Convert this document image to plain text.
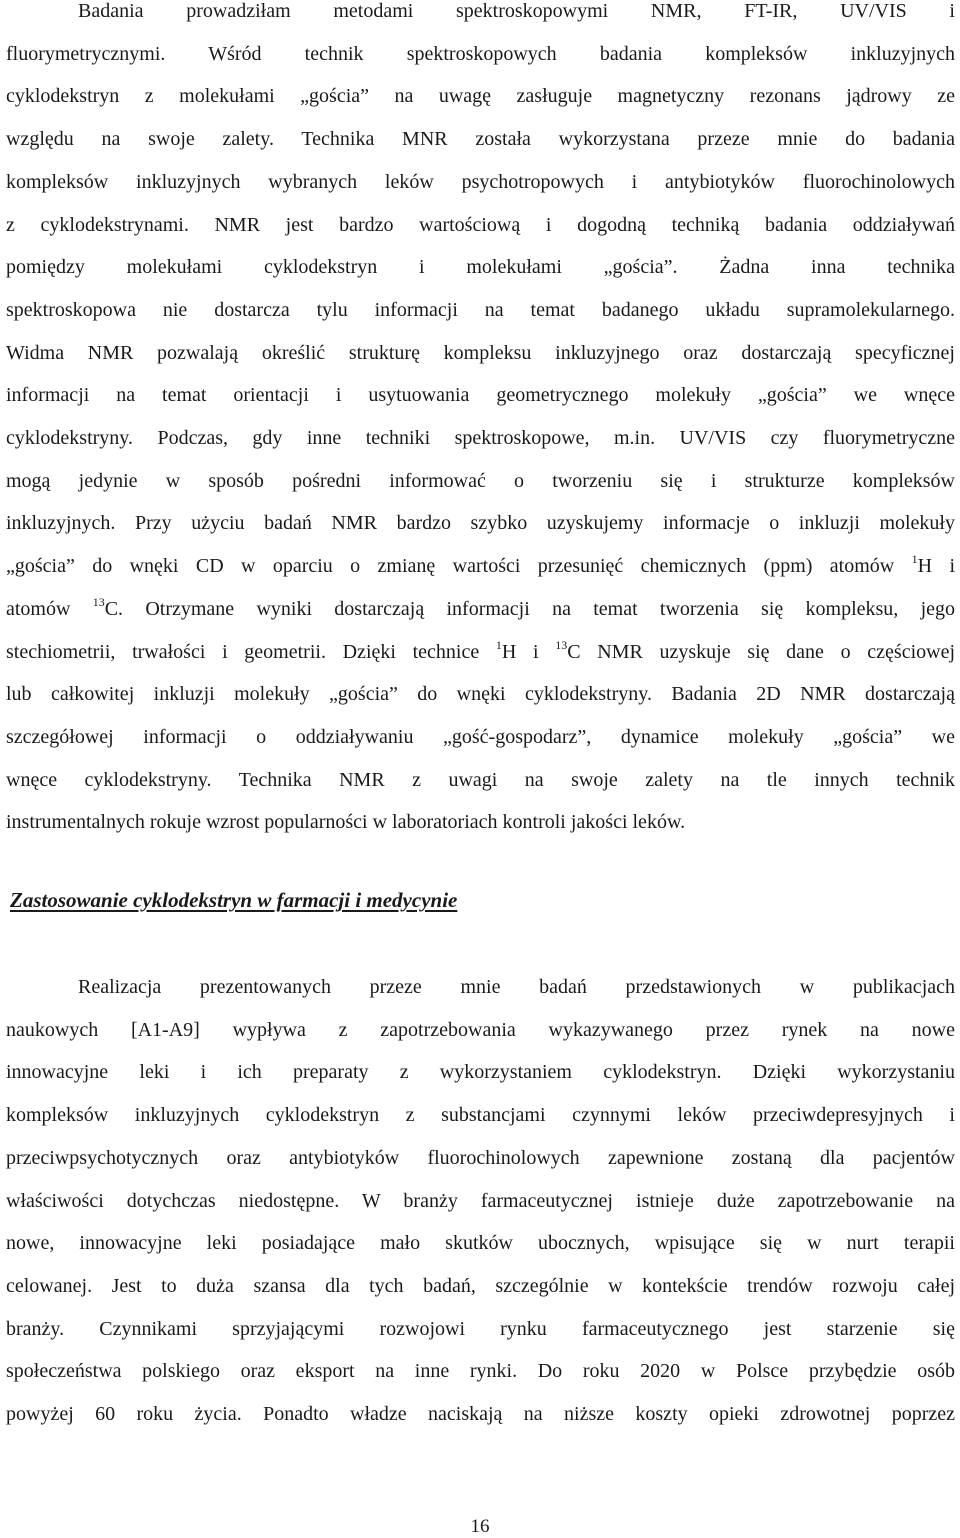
Badania prowadziłam metodami spektroskopowymi NMR, FT-IR, UV/VIS i
fluorymetrycznymi. Wśród technik spektroskopowych badania kompleksów inkluzyjnych
cyklodekstryn z molekułami „gościa” na uwagę zasługuje magnetyczny rezonans jądrowy ze
względu na swoje zalety. Technika MNR została wykorzystana przeze mnie do badania
kompleksów inkluzyjnych wybranych leków psychotropowych i antybiotyków fluorochinolowych
z cyklodekstrynami. NMR jest bardzo wartościową i dogodną techniką badania oddziaływań
pomiędzy molekułami cyklodekstryn i molekułami „gościa”. Żadna inna technika
spektroskopowa nie dostarcza tylu informacji na temat badanego układu supramolekularnego.
Widma NMR pozwalają określić strukturę kompleksu inkluzyjnego oraz dostarczają specyficznej
informacji na temat orientacji i usytuowania geometrycznego molekuły „gościa” we wnęce
cyklodekstryny. Podczas, gdy inne techniki spektroskopowe, m.in. UV/VIS czy fluorymetryczne
mogą jedynie w sposób pośredni informować o tworzeniu się i strukturze kompleksów
inkluzyjnych. Przy użyciu badań NMR bardzo szybko uzyskujemy informacje o inkluzji molekuły
„gościa” do wnęki CD w oparciu o zmianę wartości przesunięć chemicznych (ppm) atomów $^1$H i
atomów $^{13}$C. Otrzymane wyniki dostarczają informacji na temat tworzenia się kompleksu, jego
stechiometrii, trwałości i geometrii. Dzięki technice $^1$H i $^{13}$C NMR uzyskuje się dane o częściowej
lub całkowitej inkluzji molekuły „gościa” do wnęki cyklodekstryny. Badania 2D NMR dostarczają
szczegółowej informacji o oddziaływaniu „gość-gospodarz”, dynamice molekuły „gościa” we
wnęce cyklodekstryny. Technika NMR z uwagi na swoje zalety na tle innych technik
instrumentalnych rokuje wzrost popularności w laboratoriach kontroli jakości leków.

Zastosowanie cyklodekstryn w farmacji i medycynie

Realizacja prezentowanych przeze mnie badań przedstawionych w publikacjach
naukowych [A1-A9] wypływa z zapotrzebowania wykazywanego przez rynek na nowe
innowacyjne leki i ich preparaty z wykorzystaniem cyklodekstryn. Dzięki wykorzystaniu
kompleksów inkluzyjnych cyklodekstryn z substancjami czynnymi leków przeciwdepresyjnych i
przeciwpsychotycznych oraz antybiotyków fluorochinolowych zapewnione zostaną dla pacjentów
właściwości dotychczas niedostępne. W branży farmaceutycznej istnieje duże zapotrzebowanie na
nowe, innowacyjne leki posiadające mało skutków ubocznych, wpisujące się w nurt terapii
celowanej. Jest to duża szansa dla tych badań, szczególnie w kontekście trendów rozwoju całej
branży. Czynnikami sprzyjającymi rozwojowi rynku farmaceutycznego jest starzenie się
społeczeństwa polskiego oraz eksport na inne rynki. Do roku 2020 w Polsce przybędzie osób
powyżej 60 roku życia. Ponadto władze naciskają na niższe koszty opieki zdrowotnej poprzez

16
